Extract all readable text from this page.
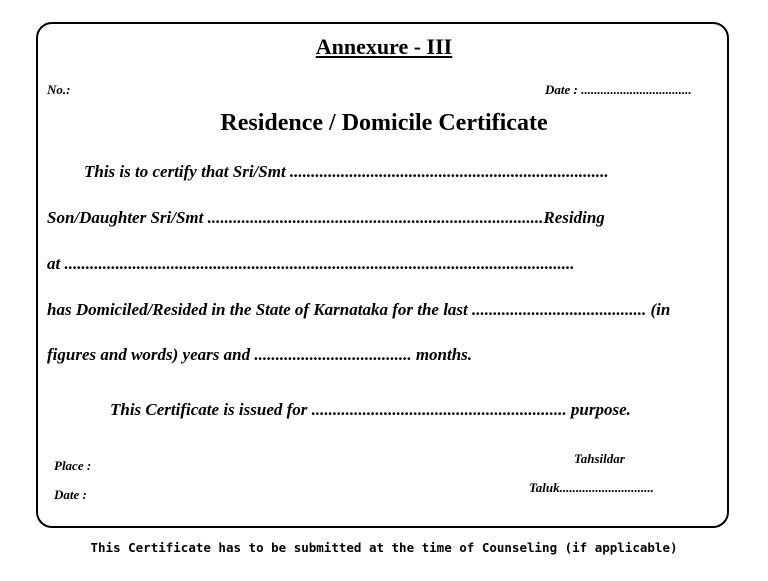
Annexure - III
No.:	Date : ..................................
Residence / Domicile Certificate
This is to certify that Sri/Smt ...........................................................................
Son/Daughter Sri/Smt ...............................................................................Residing
at ........................................................................................................................
has Domiciled/Resided in the State of Karnataka for the last ......................................... (in
figures and words) years and ..................................... months.
This Certificate is issued for ............................................................ purpose.
Place :
Date :
Tahsildar
Taluk.............................
This Certificate has to be submitted at the time of Counseling (if applicable)
